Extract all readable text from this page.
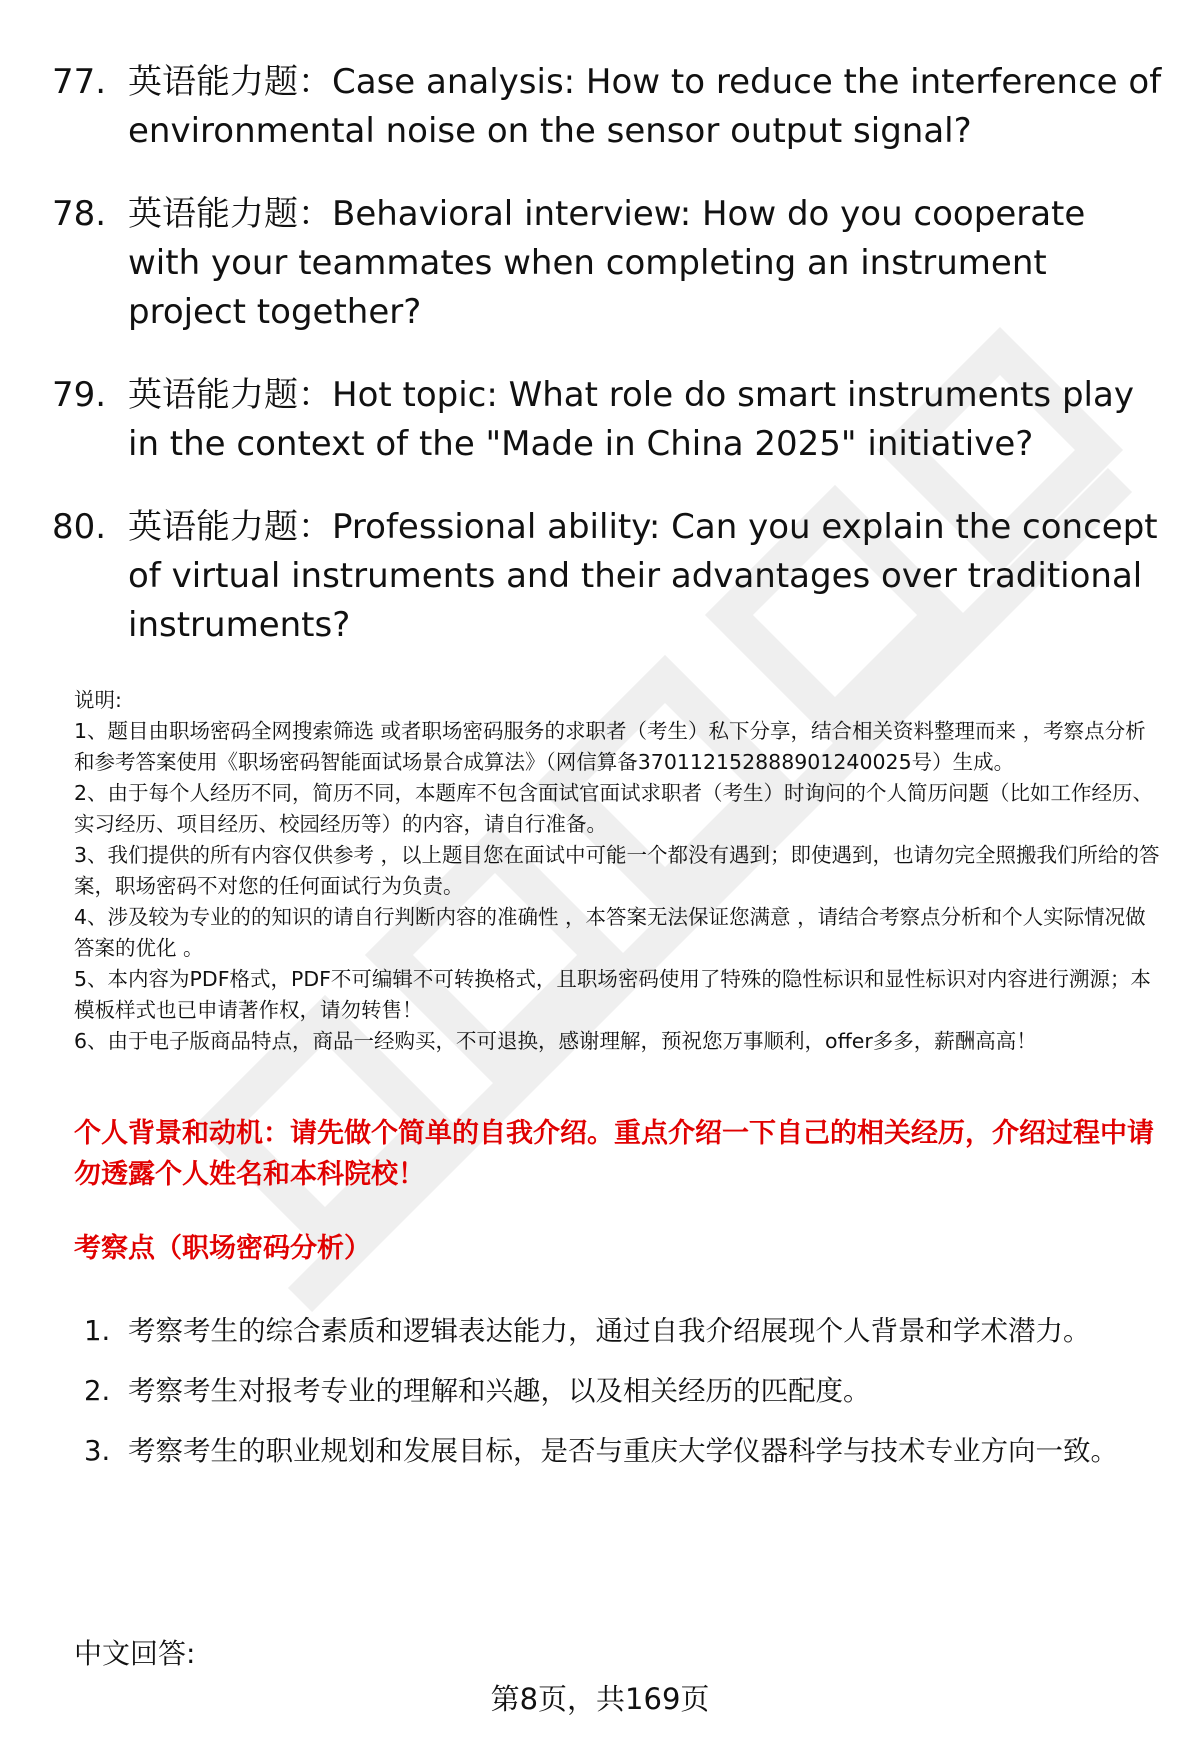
77. 英语能力题：Case analysis: How to reduce the interference of environmental noise on the sensor output signal?
78. 英语能力题：Behavioral interview: How do you cooperate with your teammates when completing an instrument project together?
79. 英语能力题：Hot topic: What role do smart instruments play in the context of the "Made in China 2025" initiative?
80. 英语能力题：Professional ability: Can you explain the concept of virtual instruments and their advantages over traditional instruments?

说明:

1、题目由职场密码全网搜索筛选 或者职场密码服务的求职者（考生）私下分享，结合相关资料整理而来 ，考察点分析和参考答案使用《职场密码智能面试场景合成算法》（网信算备370112152888901240025号）生成。

2、由于每个人经历不同，简历不同，本题库不包含面试官面试求职者（考生）时询问的个人简历问题（比如工作经历、实习经历、项目经历、校园经历等）的内容，请自行准备。

3、我们提供的所有内容仅供参考 ，以上题目您在面试中可能一个都没有遇到；即使遇到，也请勿完全照搬我们所给的答案，职场密码不对您的任何面试行为负责。

4、涉及较为专业的的知识的请自行判断内容的准确性 ，本答案无法保证您满意 ，请结合考察点分析和个人实际情况做答案的优化 。

5、本内容为PDF格式，PDF不可编辑不可转换格式，且职场密码使用了特殊的隐性标识和显性标识对内容进行溯源；本模板样式也已申请著作权，请勿转售！

6、由于电子版商品特点，商品一经购买，不可退换，感谢理解，预祝您万事顺利，offer多多，薪酬高高！

个人背景和动机：请先做个简单的自我介绍。重点介绍一下自己的相关经历，介绍过程中请勿透露个人姓名和本科院校！

考察点（职场密码分析）

1. 考察考生的综合素质和逻辑表达能力，通过自我介绍展现个人背景和学术潜力。
2. 考察考生对报考专业的理解和兴趣，以及相关经历的匹配度。
3. 考察考生的职业规划和发展目标，是否与重庆大学仪器科学与技术专业方向一致。

中文回答:

第8页，共169页
